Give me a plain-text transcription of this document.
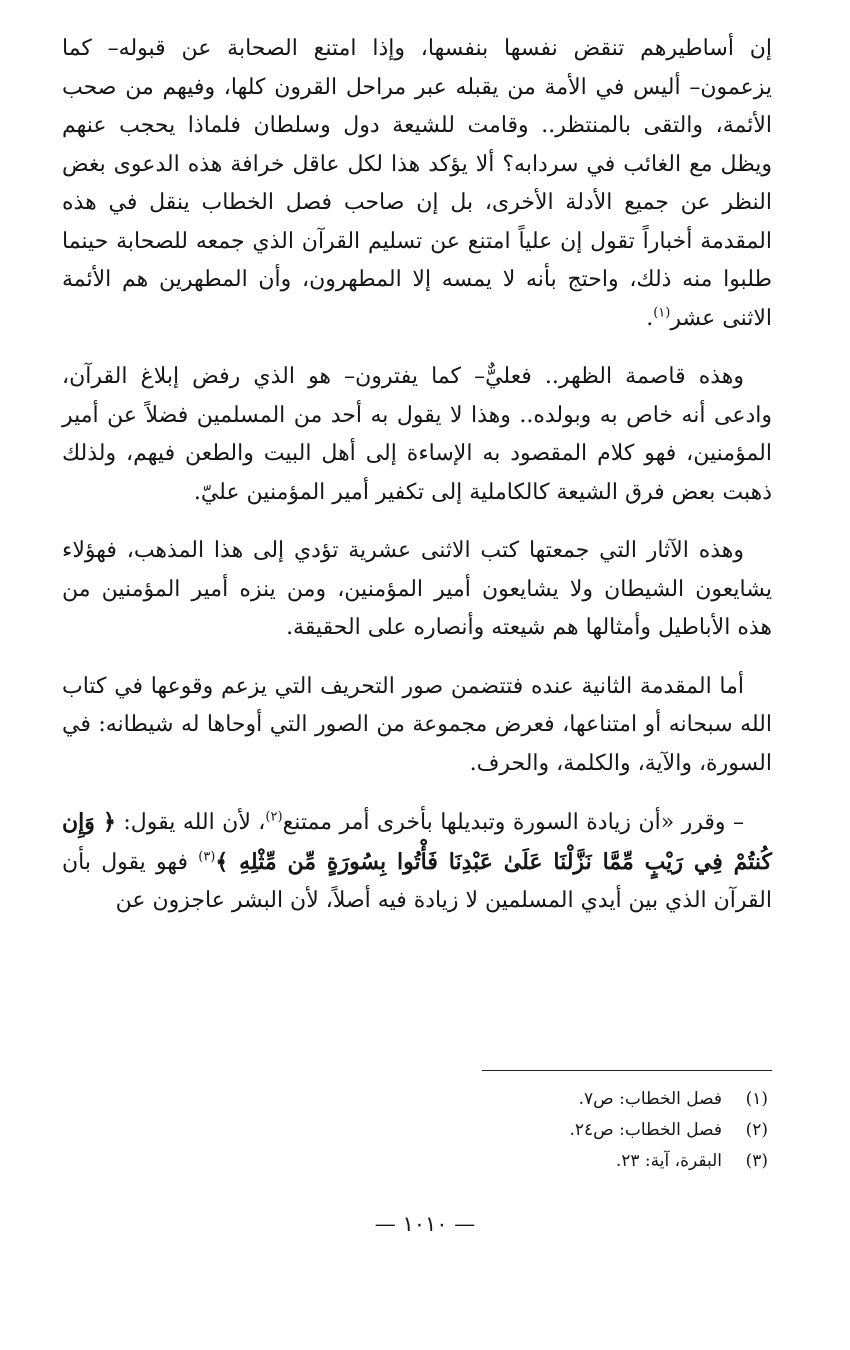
إن أساطيرهم تنقض نفسها بنفسها، وإذا امتنع الصحابة عن قبوله– كما يزعمون– أليس في الأمة من يقبله عبر مراحل القرون كلها، وفيهم من صحب الأئمة، والتقى بالمنتظر.. وقامت للشيعة دول وسلطان فلماذا يحجب عنهم ويظل مع الغائب في سردابه؟ ألا يؤكد هذا لكل عاقل خرافة هذه الدعوى بغض النظر عن جميع الأدلة الأخرى، بل إن صاحب فصل الخطاب ينقل في هذه المقدمة أخباراً تقول إن علياً امتنع عن تسليم القرآن الذي جمعه للصحابة حينما طلبوا منه ذلك، واحتج بأنه لا يمسه إلا المطهرون، وأن المطهرين هم الأئمة الاثنى عشر$^{(١)}$.

وهذه قاصمة الظهر.. فعليٌّ– كما يفترون– هو الذي رفض إبلاغ القرآن، وادعى أنه خاص به وبولده.. وهذا لا يقول به أحد من المسلمين فضلاً عن أمير المؤمنين، فهو كلام المقصود به الإساءة إلى أهل البيت والطعن فيهم، ولذلك ذهبت بعض فرق الشيعة كالكاملية إلى تكفير أمير المؤمنين عليّ.

وهذه الآثار التي جمعتها كتب الاثنى عشرية تؤدي إلى هذا المذهب، فهؤلاء يشايعون الشيطان ولا يشايعون أمير المؤمنين، ومن ينزه أمير المؤمنين من هذه الأباطيل وأمثالها هم شيعته وأنصاره على الحقيقة.

أما المقدمة الثانية عنده فتتضمن صور التحريف التي يزعم وقوعها في كتاب الله سبحانه أو امتناعها، فعرض مجموعة من الصور التي أوحاها له شيطانه: في السورة، والآية، والكلمة، والحرف.

– وقرر «أن زيادة السورة وتبديلها بأخرى أمر ممتنع$^{(٢)}$، لأن الله يقول: ﴿ وَإِن كُنتُمْ فِي رَيْبٍ مِّمَّا نَزَّلْنَا عَلَىٰ عَبْدِنَا فَأْتُوا بِسُورَةٍ مِّن مِّثْلِهِ ﴾$^{(٣)}$ فهو يقول بأن القرآن الذي بين أيدي المسلمين لا زيادة فيه أصلاً، لأن البشر عاجزون عن

(١)فصل الخطاب: ص٧.
(٢)فصل الخطاب: ص٢٤.
(٣)البقرة، آية: ٢٣.
— ١٠١٠ —
